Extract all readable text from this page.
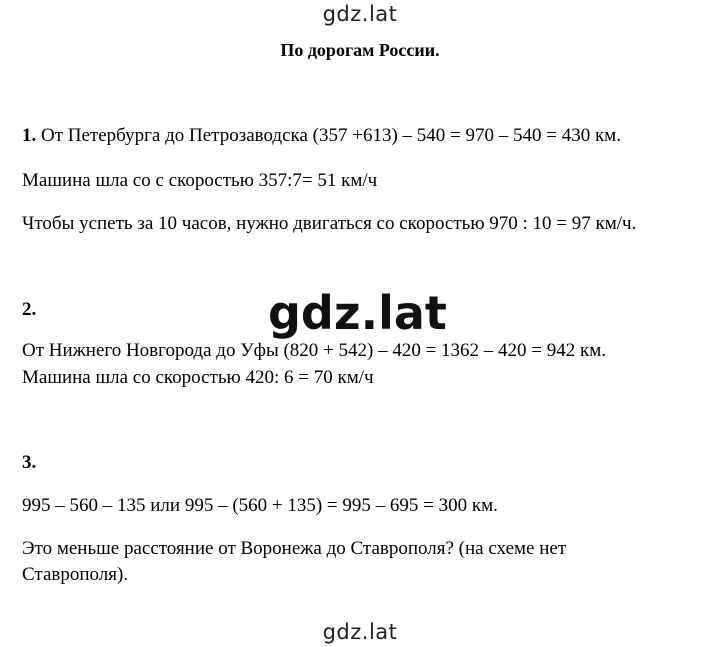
gdz.lat
По дорогам России.
1. От Петербурга до Петрозаводска (357 +613) – 540 = 970 – 540 = 430 км.
Машина шла со с скоростью 357:7= 51 км/ч
Чтобы успеть за 10 часов, нужно двигаться со скоростью 970 : 10 = 97 км/ч.
2.	gdz.lat
От Нижнего Новгорода до Уфы (820 + 542) – 420 = 1362 – 420 = 942 км.
Машина шла со скоростью 420: 6 = 70 км/ч
3.
995 – 560 – 135 или 995 – (560 + 135) = 995 – 695 = 300 км.
Это меньше расстояние от Воронежа до Ставрополя? (на схеме нет
Ставрополя).
gdz.lat
